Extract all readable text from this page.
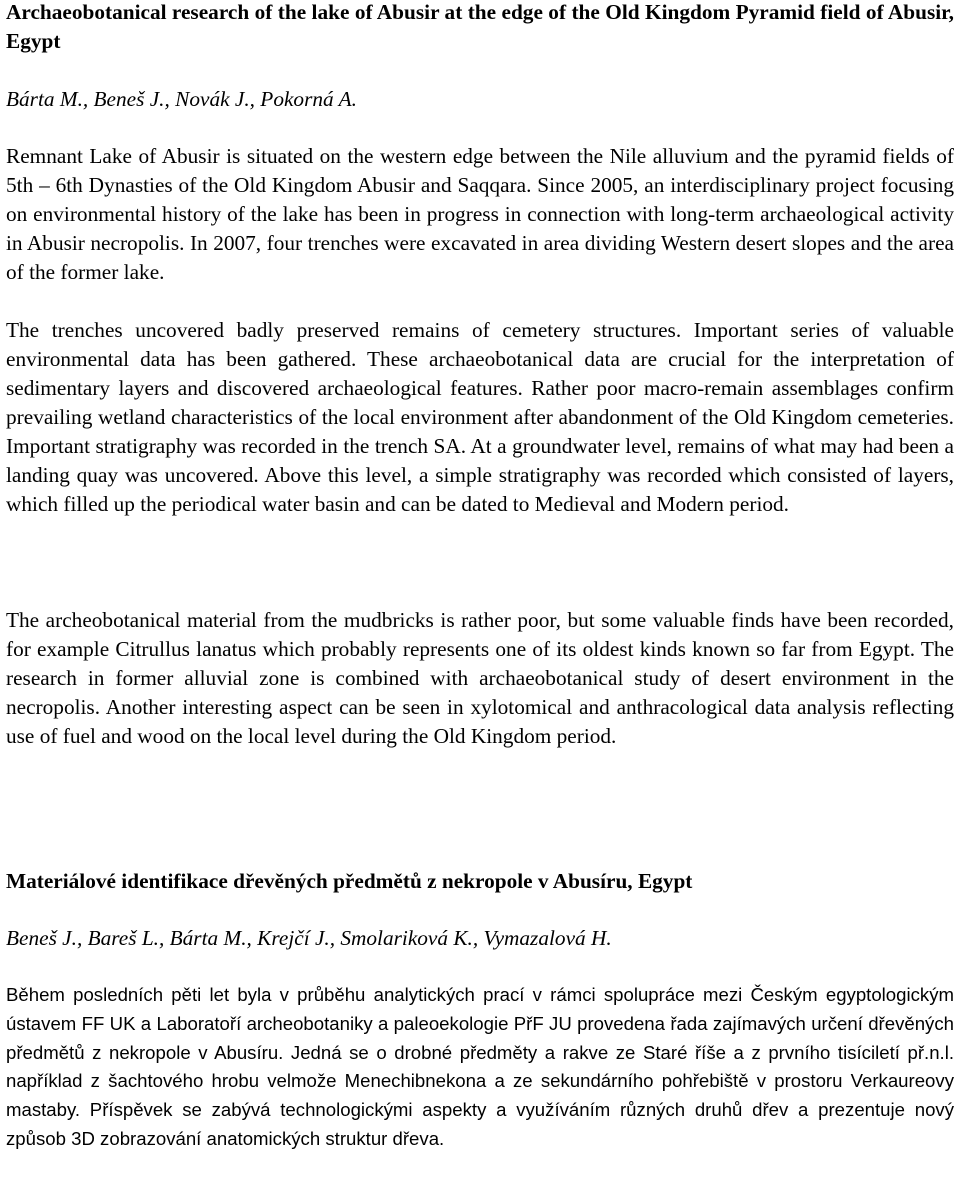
Archaeobotanical research of the lake of Abusir at the edge of the Old Kingdom Pyramid field of Abusir, Egypt

Bárta M., Beneš J., Novák J., Pokorná A.

Remnant Lake of Abusir is situated on the western edge between the Nile alluvium and the pyramid fields of 5th – 6th Dynasties of the Old Kingdom Abusir and Saqqara. Since 2005, an interdisciplinary project focusing on environmental history of the lake has been in progress in connection with long-term archaeological activity in Abusir necropolis. In 2007, four trenches were excavated in area dividing Western desert slopes and the area of the former lake.

The trenches uncovered badly preserved remains of cemetery structures. Important series of valuable environmental data has been gathered. These archaeobotanical data are crucial for the interpretation of sedimentary layers and discovered archaeological features. Rather poor macro-remain assemblages confirm prevailing wetland characteristics of the local environment after abandonment of the Old Kingdom cemeteries. Important stratigraphy was recorded in the trench SA. At a groundwater level, remains of what may had been a landing quay was uncovered. Above this level, a simple stratigraphy was recorded which consisted of layers, which filled up the periodical water basin and can be dated to Medieval and Modern period.

The archeobotanical material from the mudbricks is rather poor, but some valuable finds have been recorded, for example Citrullus lanatus which probably represents one of its oldest kinds known so far from Egypt. The research in former alluvial zone is combined with archaeobotanical study of desert environment in the necropolis. Another interesting aspect can be seen in xylotomical and anthracological data analysis reflecting use of fuel and wood on the local level during the Old Kingdom period.

Materiálové identifikace dřevěných předmětů z nekropole v Abusíru, Egypt

Beneš J., Bareš L., Bárta M., Krejčí J., Smolariková K., Vymazalová H.

Během posledních pěti let byla v průběhu analytických prací v rámci spolupráce mezi Českým egyptologickým ústavem FF UK a Laboratoří archeobotaniky a paleoekologie PřF JU provedena řada zajímavých určení dřevěných předmětů z nekropole v Abusíru. Jedná se o drobné předměty a rakve ze Staré říše a z prvního tisíciletí př.n.l. například z šachtového hrobu velmože Menechibnekona a ze sekundárního pohřebiště v prostoru Verkaureovy mastaby. Příspěvek se zabývá technologickými aspekty a využíváním různých druhů dřev a prezentuje nový způsob 3D zobrazování anatomických struktur dřeva.
